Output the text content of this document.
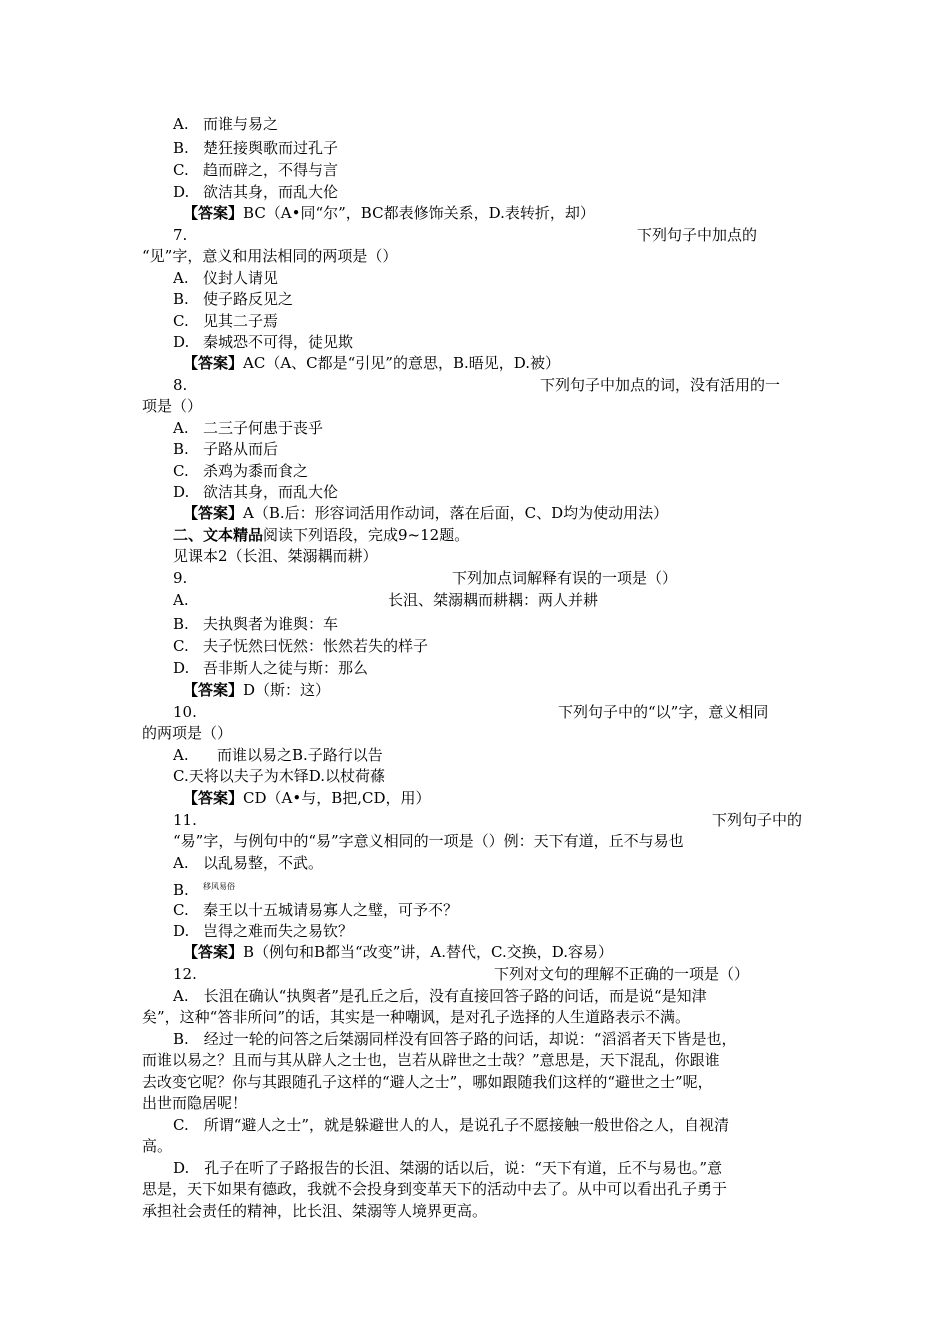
A. 而谁与易之
B. 楚狂接舆歌而过孔子
C. 趋而辟之，不得与言
D. 欲洁其身，而乱大伦
【答案】BC（A•同“尔”，BC都表修饰关系，D.表转折，却）
7.	下列句子中加点的
“见”字，意义和用法相同的两项是（）
A. 仪封人请见
B. 使子路反见之
C. 见其二子焉
D. 秦城恐不可得，徒见欺
【答案】AC（A、C都是“引见”的意思，B.晤见，D.被）
8.	下列句子中加点的词，没有活用的一
项是（）
A. 二三子何患于丧乎
B. 子路从而后
C. 杀鸡为黍而食之
D. 欲洁其身，而乱大伦
【答案】A（B.后：形容词活用作动词，落在后面，C、D均为使动用法）
二、文本精品阅读下列语段，完成9~12题。
见课本2（长沮、桀溺耦而耕）
9.	下列加点词解释有误的一项是（）
A.	长沮、桀溺耦而耕耦：两人并耕
B. 夫执舆者为谁舆：车
C. 夫子怃然曰怃然：怅然若失的样子
D. 吾非斯人之徒与斯：那么
【答案】D（斯：这）
10.	下列句子中的“以”字，意义相同
的两项是（）
A. 而谁以易之B.子路行以告
C.天将以夫子为木铎D.以杖荷蓧
【答案】CD（A•与，B把,CD，用）
11.	下列句子中的
“易”字，与例句中的“易”字意义相同的一项是（）例：天下有道，丘不与易也
A. 以乱易整，不武。
B. $^{移风易俗}$
C. 秦王以十五城请易寡人之璧，可予不？
D. 岂得之难而失之易钦？
【答案】B（例句和B都当“改变”讲，A.替代，C.交换，D.容易）
12.	下列对文句的理解不正确的一项是（）
A.　长沮在确认“执舆者”是孔丘之后，没有直接回答子路的问话，而是说“是知津
矣”，这种“答非所问”的话，其实是一种嘲讽，是对孔子选择的人生道路表示不满。
B.　经过一轮的问答之后桀溺同样没有回答子路的问话，却说：“滔滔者天下皆是也，
而谁以易之？且而与其从辟人之士也，岂若从辟世之士哉？”意思是，天下混乱，你跟谁
去改变它呢？你与其跟随孔子这样的“避人之士”，哪如跟随我们这样的“避世之士”呢，
出世而隐居呢！
C.　所谓“避人之士”，就是躲避世人的人，是说孔子不愿接触一般世俗之人，自视清
高。
D.　孔子在听了子路报告的长沮、桀溺的话以后，说：“天下有道，丘不与易也。”意
思是，天下如果有德政，我就不会投身到变革天下的活动中去了。从中可以看出孔子勇于
承担社会责任的精神，比长沮、桀溺等人境界更高。
